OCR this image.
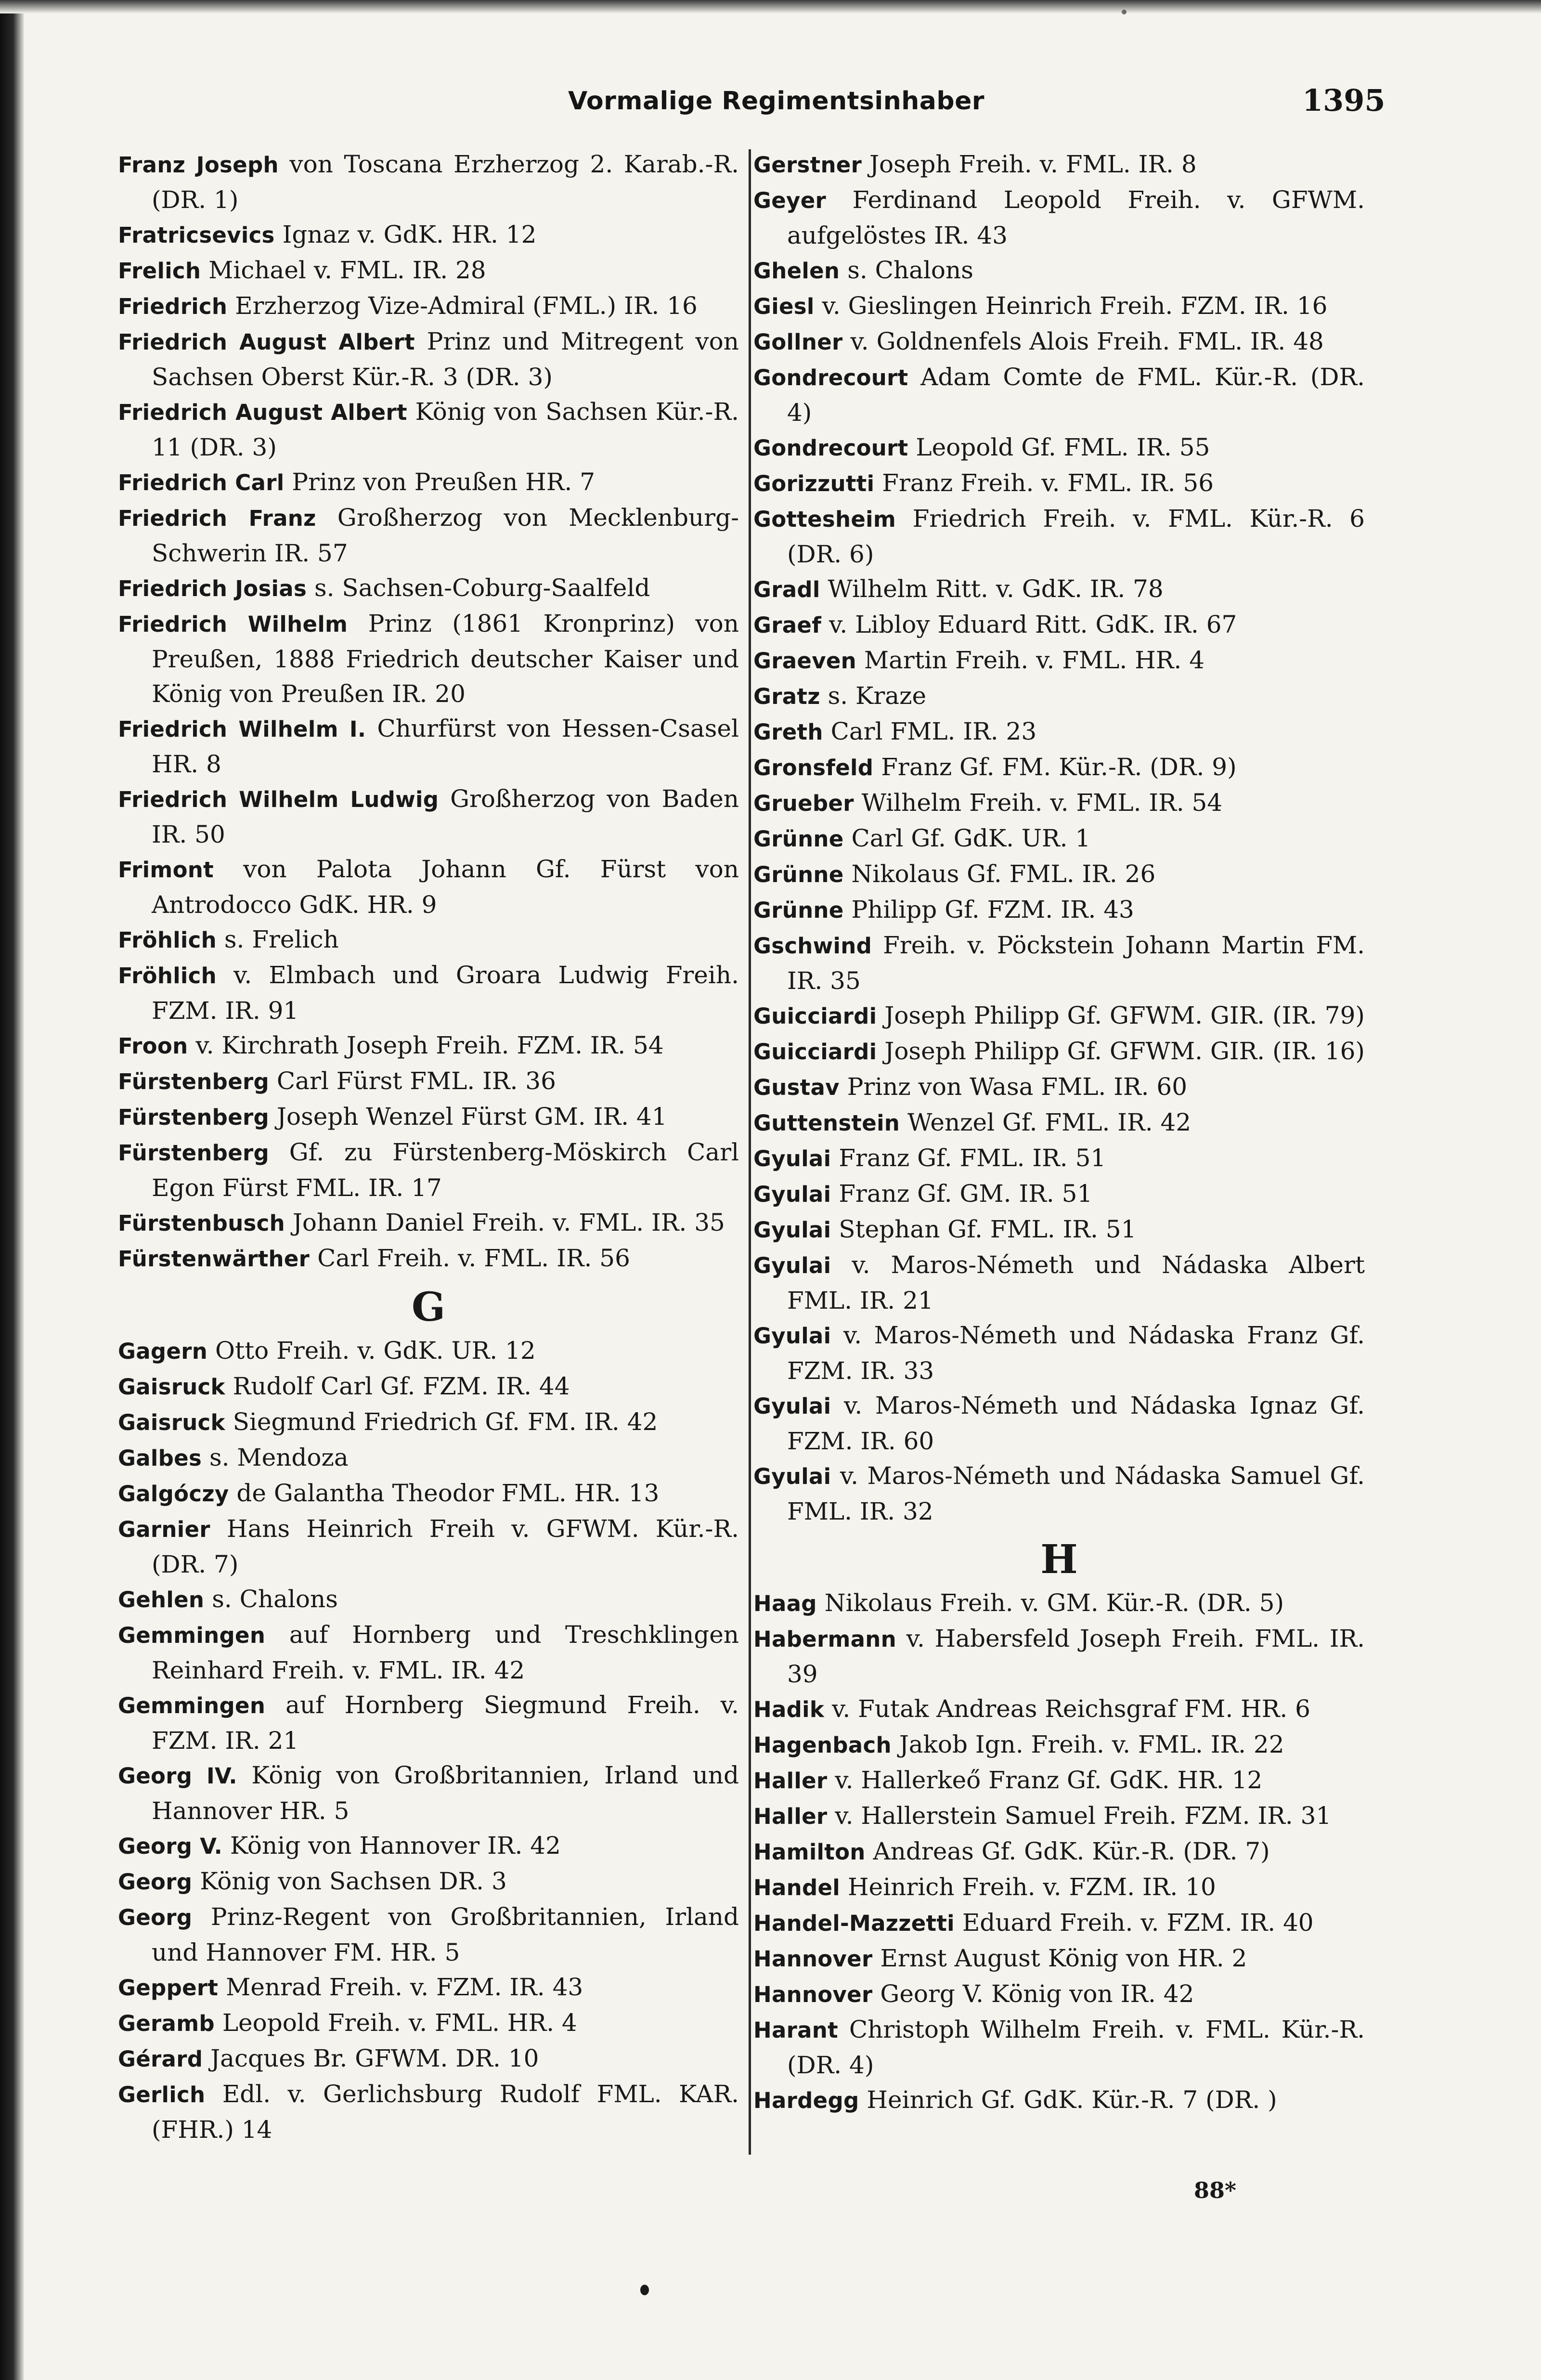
Vormalige Regimentsinhaber	1395

Franz Joseph von Toscana Erzherzog 2. Karab.-R. (DR. 1)

Fratricsevics Ignaz v. GdK. HR. 12

Frelich Michael v. FML. IR. 28

Friedrich Erzherzog Vize-Admiral (FML.) IR. 16

Friedrich August Albert Prinz und Mitregent von Sachsen Oberst Kür.-R. 3 (DR. 3)

Friedrich August Albert König von Sachsen Kür.-R. 11 (DR. 3)

Friedrich Carl Prinz von Preußen HR. 7

Friedrich Franz Großherzog von Mecklenburg-Schwerin IR. 57

Friedrich Josias s. Sachsen-Coburg-Saalfeld

Friedrich Wilhelm Prinz (1861 Kronprinz) von Preußen, 1888 Friedrich deutscher Kaiser und König von Preußen IR. 20

Friedrich Wilhelm I. Churfürst von Hessen-Csasel HR. 8

Friedrich Wilhelm Ludwig Großherzog von Baden IR. 50

Frimont von Palota Johann Gf. Fürst von Antrodocco GdK. HR. 9

Fröhlich s. Frelich

Fröhlich v. Elmbach und Groara Ludwig Freih. FZM. IR. 91

Froon v. Kirchrath Joseph Freih. FZM. IR. 54

Fürstenberg Carl Fürst FML. IR. 36

Fürstenberg Joseph Wenzel Fürst GM. IR. 41

Fürstenberg Gf. zu Fürstenberg-Möskirch Carl Egon Fürst FML. IR. 17

Fürstenbusch Johann Daniel Freih. v. FML. IR. 35

Fürstenwärther Carl Freih. v. FML. IR. 56

G

Gagern Otto Freih. v. GdK. UR. 12

Gaisruck Rudolf Carl Gf. FZM. IR. 44

Gaisruck Siegmund Friedrich Gf. FM. IR. 42

Galbes s. Mendoza

Galgóczy de Galantha Theodor FML. HR. 13

Garnier Hans Heinrich Freih v. GFWM. Kür.-R. (DR. 7)

Gehlen s. Chalons

Gemmingen auf Hornberg und Treschklingen Reinhard Freih. v. FML. IR. 42

Gemmingen auf Hornberg Siegmund Freih. v. FZM. IR. 21

Georg IV. König von Großbritannien, Irland und Hannover HR. 5

Georg V. König von Hannover IR. 42

Georg König von Sachsen DR. 3

Georg Prinz-Regent von Großbritannien, Irland und Hannover FM. HR. 5

Geppert Menrad Freih. v. FZM. IR. 43

Geramb Leopold Freih. v. FML. HR. 4

Gérard Jacques Br. GFWM. DR. 10

Gerlich Edl. v. Gerlichsburg Rudolf FML. KAR. (FHR.) 14

Gerstner Joseph Freih. v. FML. IR. 8

Geyer Ferdinand Leopold Freih. v. GFWM. aufgelöstes IR. 43

Ghelen s. Chalons

Giesl v. Gieslingen Heinrich Freih. FZM. IR. 16

Gollner v. Goldnenfels Alois Freih. FML. IR. 48

Gondrecourt Adam Comte de FML. Kür.-R. (DR. 4)

Gondrecourt Leopold Gf. FML. IR. 55

Gorizzutti Franz Freih. v. FML. IR. 56

Gottesheim Friedrich Freih. v. FML. Kür.-R. 6 (DR. 6)

Gradl Wilhelm Ritt. v. GdK. IR. 78

Graef v. Libloy Eduard Ritt. GdK. IR. 67

Graeven Martin Freih. v. FML. HR. 4

Gratz s. Kraze

Greth Carl FML. IR. 23

Gronsfeld Franz Gf. FM. Kür.-R. (DR. 9)

Grueber Wilhelm Freih. v. FML. IR. 54

Grünne Carl Gf. GdK. UR. 1

Grünne Nikolaus Gf. FML. IR. 26

Grünne Philipp Gf. FZM. IR. 43

Gschwind Freih. v. Pöckstein Johann Martin FM. IR. 35

Guicciardi Joseph Philipp Gf. GFWM. GIR. (IR. 79)

Guicciardi Joseph Philipp Gf. GFWM. GIR. (IR. 16)

Gustav Prinz von Wasa FML. IR. 60

Guttenstein Wenzel Gf. FML. IR. 42

Gyulai Franz Gf. FML. IR. 51

Gyulai Franz Gf. GM. IR. 51

Gyulai Stephan Gf. FML. IR. 51

Gyulai v. Maros-Németh und Nádaska Albert FML. IR. 21

Gyulai v. Maros-Németh und Nádaska Franz Gf. FZM. IR. 33

Gyulai v. Maros-Németh und Nádaska Ignaz Gf. FZM. IR. 60

Gyulai v. Maros-Németh und Nádaska Samuel Gf. FML. IR. 32

H

Haag Nikolaus Freih. v. GM. Kür.-R. (DR. 5)

Habermann v. Habersfeld Joseph Freih. FML. IR. 39

Hadik v. Futak Andreas Reichsgraf FM. HR. 6

Hagenbach Jakob Ign. Freih. v. FML. IR. 22

Haller v. Hallerkeő Franz Gf. GdK. HR. 12

Haller v. Hallerstein Samuel Freih. FZM. IR. 31

Hamilton Andreas Gf. GdK. Kür.-R. (DR. 7)

Handel Heinrich Freih. v. FZM. IR. 10

Handel-Mazzetti Eduard Freih. v. FZM. IR. 40

Hannover Ernst August König von HR. 2

Hannover Georg V. König von IR. 42

Harant Christoph Wilhelm Freih. v. FML. Kür.-R. (DR. 4)

Hardegg Heinrich Gf. GdK. Kür.-R. 7 (DR. )

88*
